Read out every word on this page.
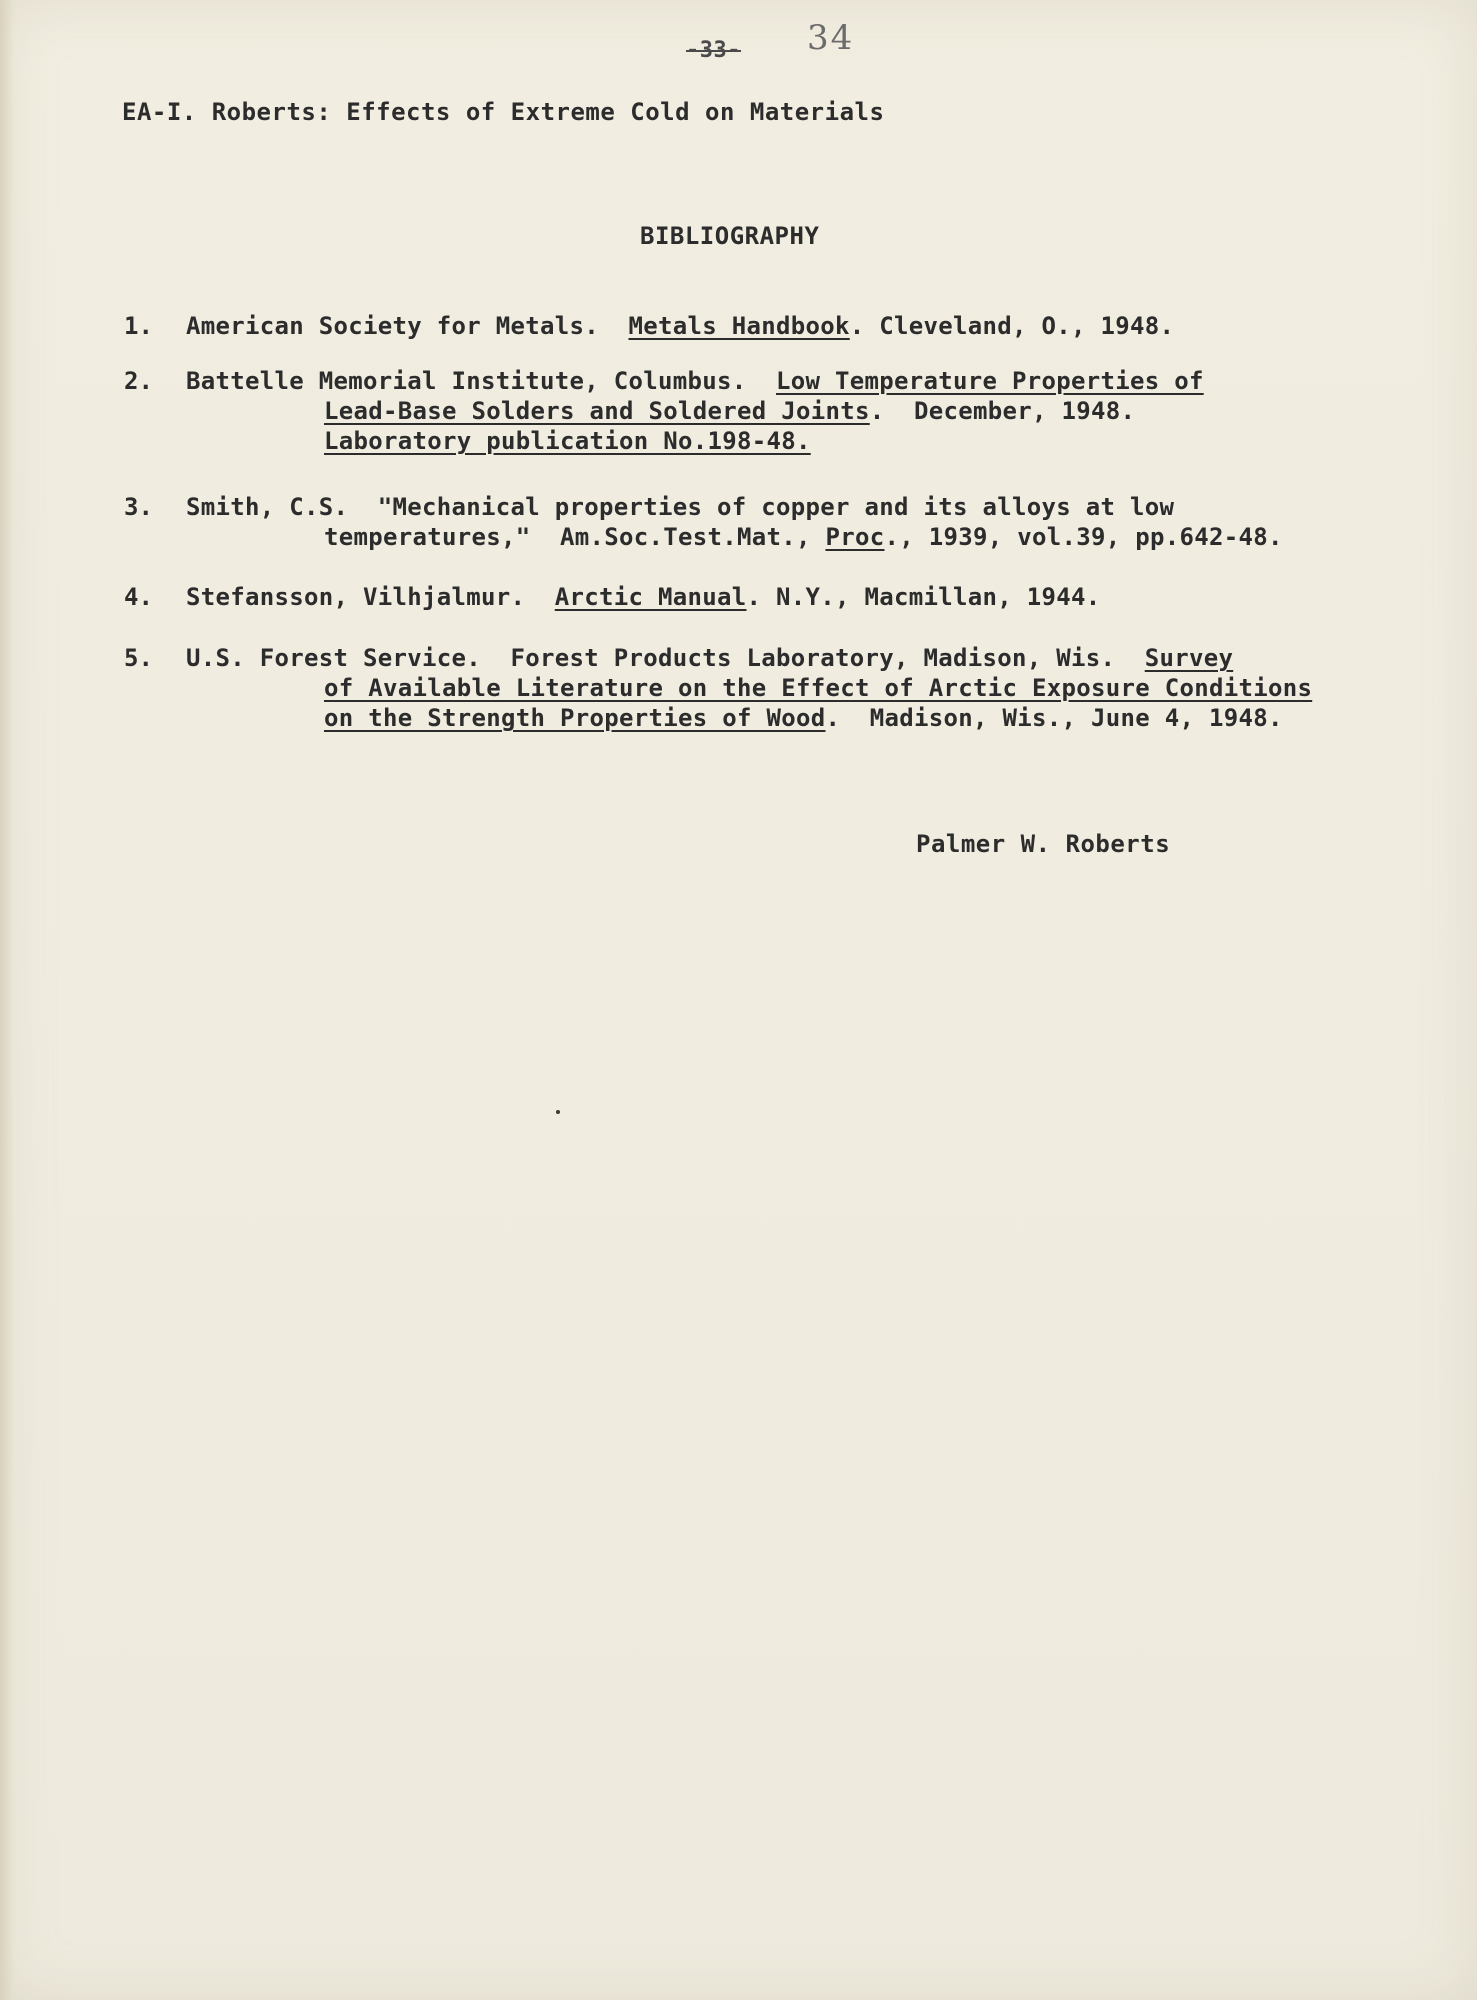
-33- 34
EA-I. Roberts: Effects of Extreme Cold on Materials
BIBLIOGRAPHY
1. American Society for Metals.  Metals Handbook. Cleveland, O., 1948.
2. Battelle Memorial Institute, Columbus.  Low Temperature Properties of
Lead-Base Solders and Soldered Joints.  December, 1948.
Laboratory publication No.198-48.
3. Smith, C.S.  "Mechanical properties of copper and its alloys at low
temperatures,"  Am.Soc.Test.Mat., Proc., 1939, vol.39, pp.642-48.
4. Stefansson, Vilhjalmur.  Arctic Manual. N.Y., Macmillan, 1944.
5. U.S. Forest Service.  Forest Products Laboratory, Madison, Wis.  Survey
of Available Literature on the Effect of Arctic Exposure Conditions
on the Strength Properties of Wood.  Madison, Wis., June 4, 1948.
Palmer W. Roberts
